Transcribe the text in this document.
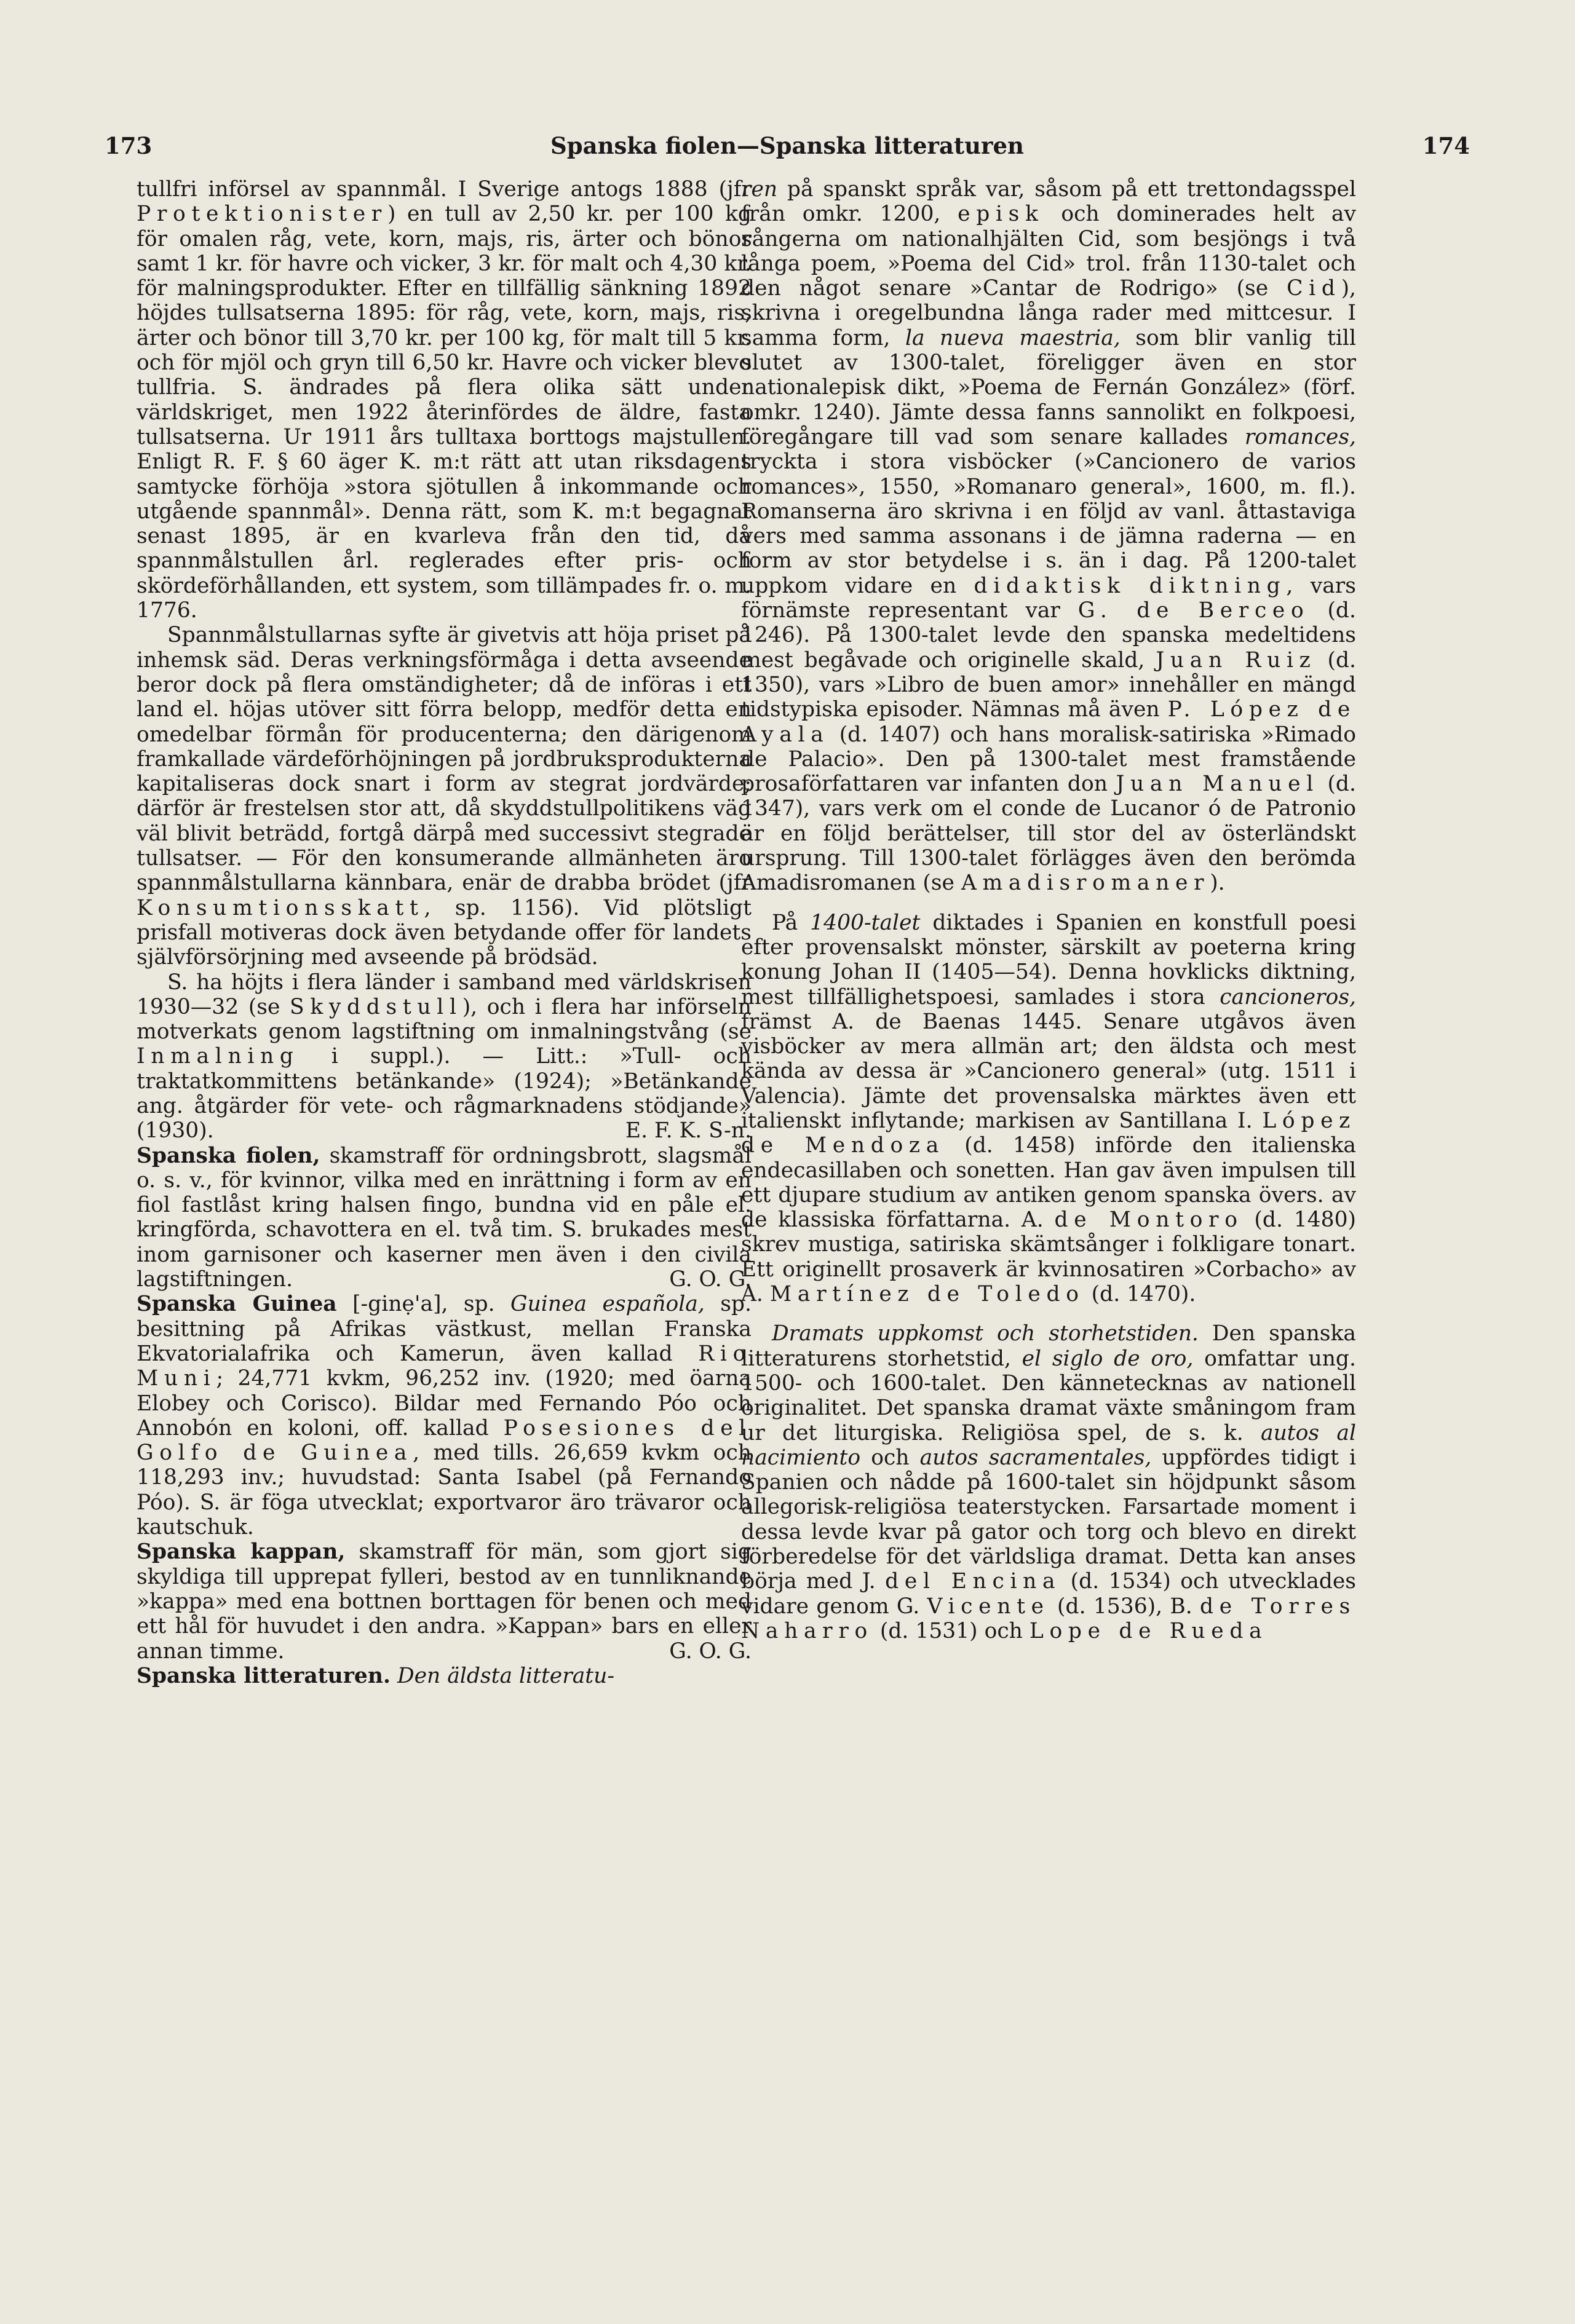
173	Spanska fiolen—Spanska litteraturen	174

tullfri införsel av spannmål. I Sverige antogs 1888 (jfr Protektionister) en tull av 2,50 kr. per 100 kg för omalen råg, vete, korn, majs, ris, ärter och bönor samt 1 kr. för havre och vicker, 3 kr. för malt och 4,30 kr. för malningsprodukter. Efter en tillfällig sänkning 1892 höjdes tullsatserna 1895: för råg, vete, korn, majs, ris, ärter och bönor till 3,70 kr. per 100 kg, för malt till 5 kr. och för mjöl och gryn till 6,50 kr. Havre och vicker blevo tullfria. S. ändrades på flera olika sätt under världskriget, men 1922 återinfördes de äldre, fasta tullsatserna. Ur 1911 års tulltaxa borttogs majstullen. Enligt R. F. § 60 äger K. m:t rätt att utan riksdagens samtycke förhöja »stora sjötullen å inkommande och utgående spannmål». Denna rätt, som K. m:t begagnat senast 1895, är en kvarleva från den tid, då spannmålstullen årl. reglerades efter pris- och skördeförhållanden, ett system, som tillämpades fr. o. m. 1776.

Spannmålstullarnas syfte är givetvis att höja priset på inhemsk säd. Deras verkningsförmåga i detta avseende beror dock på flera omständigheter; då de införas i ett land el. höjas utöver sitt förra belopp, medför detta en omedelbar förmån för producenterna; den därigenom framkallade värdeförhöjningen på jordbruksprodukterna kapitaliseras dock snart i form av stegrat jordvärde; därför är frestelsen stor att, då skyddstullpolitikens väg väl blivit beträdd, fortgå därpå med successivt stegrade tullsatser. — För den konsumerande allmänheten äro spannmålstullarna kännbara, enär de drabba brödet (jfr Konsumtionsskatt, sp. 1156). Vid plötsligt prisfall motiveras dock även betydande offer för landets självförsörjning med avseende på brödsäd.

S. ha höjts i flera länder i samband med världskrisen 1930—32 (se Skyddstull), och i flera har införseln motverkats genom lagstiftning om inmalningstvång (se Inmalning i suppl.). — Litt.: »Tull- och traktatkommittens betänkande» (1924); »Betänkande ang. åtgärder för vete- och rågmarknadens stödjande» (1930).	E. F. K. S-n.

Spanska fiolen, skamstraff för ordningsbrott, slagsmål o. s. v., för kvinnor, vilka med en inrättning i form av en fiol fastlåst kring halsen fingo, bundna vid en påle el. kringförda, schavottera en el. två tim. S. brukades mest inom garnisoner och kaserner men även i den civila lagstiftningen.	G. O. G.

Spanska Guinea [-ginẹ'a], sp. Guinea española, sp. besittning på Afrikas västkust, mellan Franska Ekvatorialafrika och Kamerun, även kallad Rio Muni; 24,771 kvkm, 96,252 inv. (1920; med öarna Elobey och Corisco). Bildar med Fernando Póo och Annobón en koloni, off. kallad Posesiones del Golfo de Guinea, med tills. 26,659 kvkm och 118,293 inv.; huvudstad: Santa Isabel (på Fernando Póo). S. är föga utvecklat; exportvaror äro trävaror och kautschuk.

Spanska kappan, skamstraff för män, som gjort sig skyldiga till upprepat fylleri, bestod av en tunnliknande »kappa» med ena bottnen borttagen för benen och med ett hål för huvudet i den andra. »Kappan» bars en eller annan timme.	G. O. G.

Spanska litteraturen. Den äldsta litteratu-

ren på spanskt språk var, såsom på ett trettondagsspel från omkr. 1200, episk och dominerades helt av sångerna om nationalhjälten Cid, som besjöngs i två långa poem, »Poema del Cid» trol. från 1130-talet och den något senare »Cantar de Rodrigo» (se Cid), skrivna i oregelbundna långa rader med mittcesur. I samma form, la nueva maestria, som blir vanlig till slutet av 1300-talet, föreligger även en stor nationalepisk dikt, »Poema de Fernán González» (förf. omkr. 1240). Jämte dessa fanns sannolikt en folkpoesi, föregångare till vad som senare kallades romances, tryckta i stora visböcker (»Cancionero de varios romances», 1550, »Romanaro general», 1600, m. fl.). Romanserna äro skrivna i en följd av vanl. åttastaviga vers med samma assonans i de jämna raderna — en form av stor betydelse i s. än i dag. På 1200-talet uppkom vidare en didaktisk diktning, vars förnämste representant var G. de Berceo (d. 1246). På 1300-talet levde den spanska medeltidens mest begåvade och originelle skald, Juan Ruiz (d. 1350), vars »Libro de buen amor» innehåller en mängd tidstypiska episoder. Nämnas må även P. López de Ayala (d. 1407) och hans moralisk-satiriska »Rimado de Palacio». Den på 1300-talet mest framstående prosaförfattaren var infanten don Juan Manuel (d. 1347), vars verk om el conde de Lucanor ó de Patronio är en följd berättelser, till stor del av österländskt ursprung. Till 1300-talet förlägges även den berömda Amadisromanen (se Amadisromaner).

På 1400-talet diktades i Spanien en konstfull poesi efter provensalskt mönster, särskilt av poeterna kring konung Johan II (1405—54). Denna hovklicks diktning, mest tillfällighetspoesi, samlades i stora cancioneros, främst A. de Baenas 1445. Senare utgåvos även visböcker av mera allmän art; den äldsta och mest kända av dessa är »Cancionero general» (utg. 1511 i Valencia). Jämte det provensalska märktes även ett italienskt inflytande; markisen av Santillana I. López de Mendoza (d. 1458) införde den italienska endecasillaben och sonetten. Han gav även impulsen till ett djupare studium av antiken genom spanska övers. av de klassiska författarna. A. de Montoro (d. 1480) skrev mustiga, satiriska skämtsånger i folkligare tonart. Ett originellt prosaverk är kvinnosatiren »Corbacho» av A. Martínez de Toledo (d. 1470).

Dramats uppkomst och storhetstiden. Den spanska litteraturens storhetstid, el siglo de oro, omfattar ung. 1500- och 1600-talet. Den kännetecknas av nationell originalitet. Det spanska dramat växte småningom fram ur det liturgiska. Religiösa spel, de s. k. autos al nacimiento och autos sacramentales, uppfördes tidigt i Spanien och nådde på 1600-talet sin höjdpunkt såsom allegorisk-religiösa teaterstycken. Farsartade moment i dessa levde kvar på gator och torg och blevo en direkt förberedelse för det världsliga dramat. Detta kan anses börja med J. del Encina (d. 1534) och utvecklades vidare genom G. Vicente (d. 1536), B. de Torres Naharro (d. 1531) och Lope de Rueda
